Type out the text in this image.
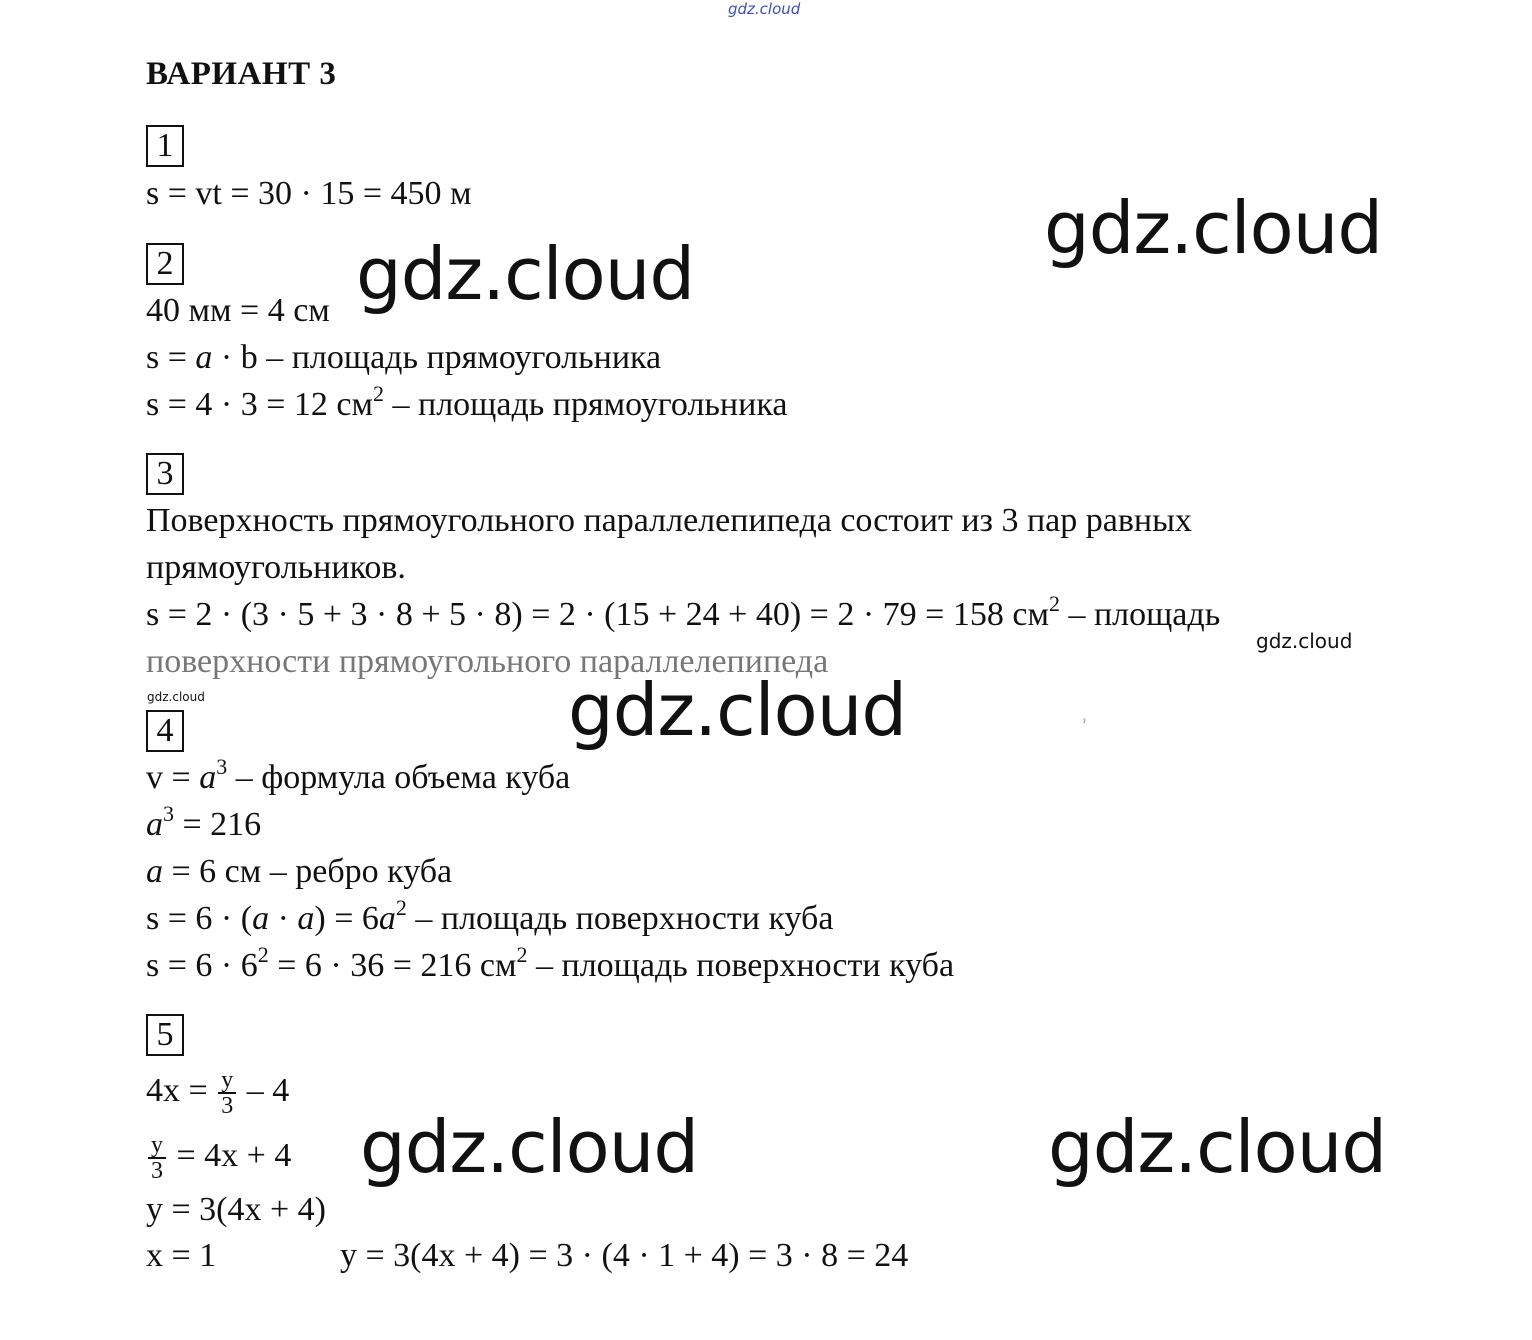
gdz.cloud
gdz.cloud
gdz.cloud
gdz.cloud
gdz.cloud	gdz.cloud
gdz.cloud	gdz.cloud
ˀ
ВАРИАНТ 3
1
s = vt = 30 · 15 = 450 м
2
40 мм = 4 см
s = a · b – площадь прямоугольника
s = 4 · 3 = 12 $см^2$ – площадь прямоугольника
3
Поверхность прямоугольного параллелепипеда состоит из 3 пар равных
прямоугольников.
s = 2 · (3 · 5 + 3 · 8 + 5 · 8) = 2 · (15 + 24 + 40) = 2 · 79 = 158 $см^2$ – площадь
поверхности прямоугольного параллелепипеда
4
$v = a^3$ – формула объема куба
$a^3 = 216$
a = 6 см – ребро куба
$s = 6 \cdot (a \cdot a) = 6a^2$ – площадь поверхности куба
$s = 6 \cdot 6^2 = 6 \cdot 36 = 216$ $см^2$ – площадь поверхности куба
5
$4x = \frac{y}{3} - 4$
$\frac{y}{3} = 4x + 4$
y = 3(4x + 4)
x = 1	y = 3(4x + 4) = 3 · (4 · 1 + 4) = 3 · 8 = 24
